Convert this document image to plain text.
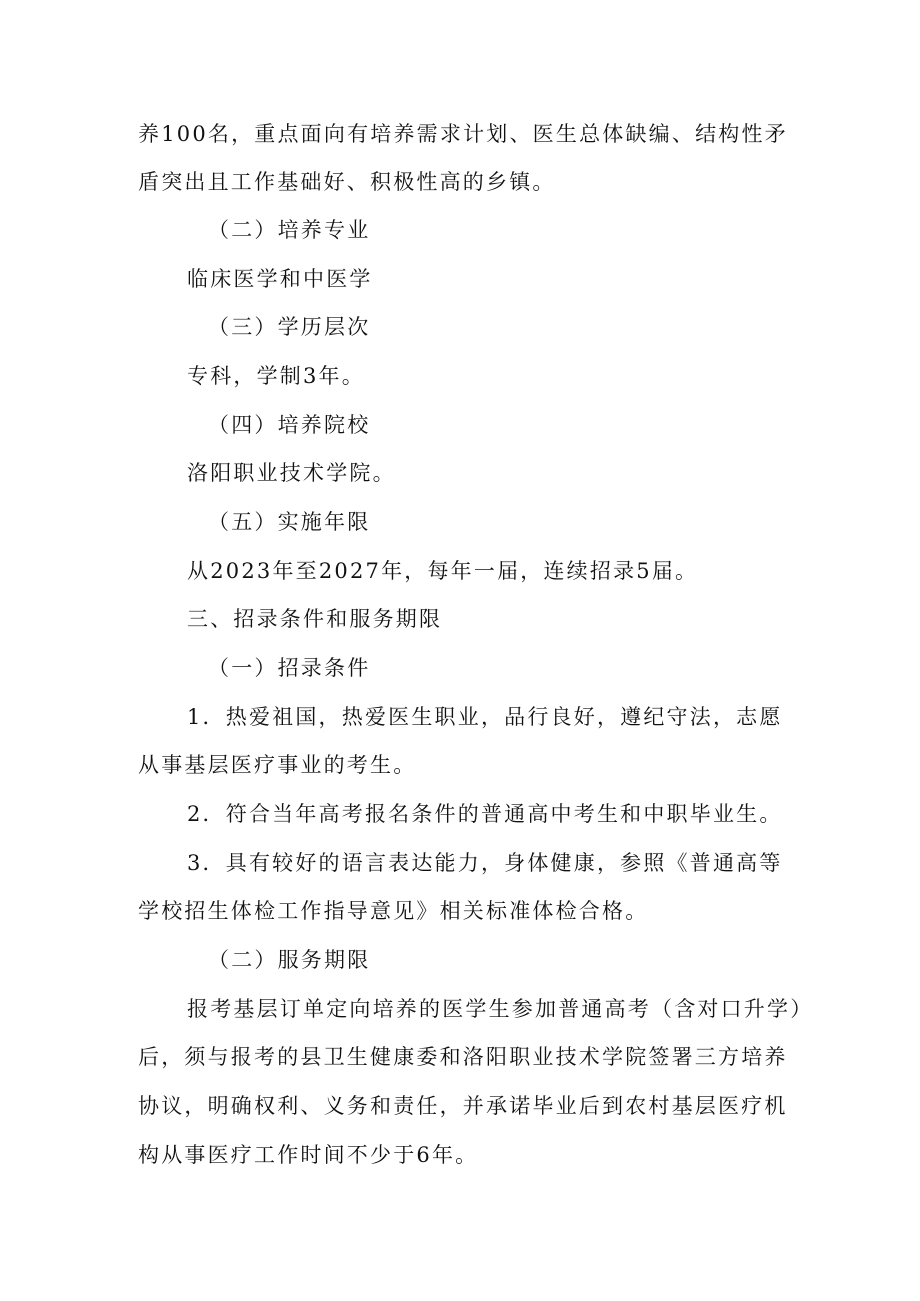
养100名，重点面向有培养需求计划、医生总体缺编、结构性矛
盾突出且工作基础好、积极性高的乡镇。
（二）培养专业
临床医学和中医学
（三）学历层次
专科，学制3年。
（四）培养院校
洛阳职业技术学院。
（五）实施年限
从2023年至2027年，每年一届，连续招录5届。
三、招录条件和服务期限
（一）招录条件
1．热爱祖国，热爱医生职业，品行良好，遵纪守法，志愿
从事基层医疗事业的考生。
2．符合当年高考报名条件的普通高中考生和中职毕业生。
3．具有较好的语言表达能力，身体健康，参照《普通高等
学校招生体检工作指导意见》相关标准体检合格。
（二）服务期限
报考基层订单定向培养的医学生参加普通高考（含对口升学）
后，须与报考的县卫生健康委和洛阳职业技术学院签署三方培养
协议，明确权利、义务和责任，并承诺毕业后到农村基层医疗机
构从事医疗工作时间不少于6年。
